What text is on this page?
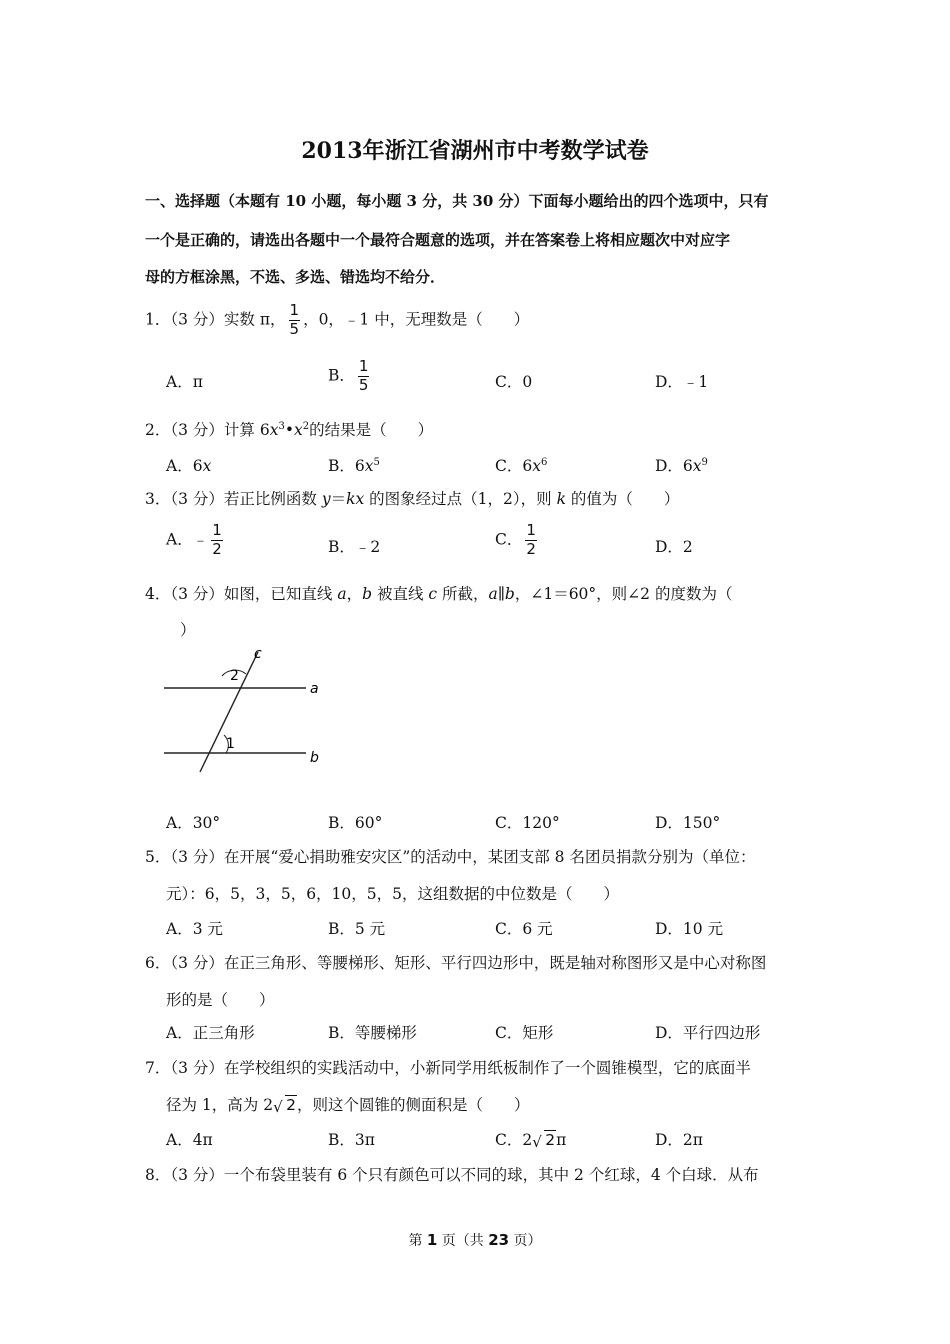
2013年浙江省湖州市中考数学试卷
一、选择题（本题有 10 小题，每小题 3 分，共 30 分）下面每小题给出的四个选项中，只有
一个是正确的，请选出各题中一个最符合题意的选项，并在答案卷上将相应题次中对应字
母的方框涂黑，不选、多选、错选均不给分．
1．（3 分）实数 π， $\frac{1}{5}$ ，0，﹣1 中，无理数是（　　）
A．π	B． $\frac{1}{5}$	C．0	D．﹣1
2．（3 分）计算 $6x^3•x^2$的结果是（　　）
A．6x	B．$6x^5$	C．$6x^6$	D．$6x^9$
3．（3 分）若正比例函数 y＝kx 的图象经过点（1，2），则 k 的值为（　　）
A．﹣ $\frac{1}{2}$	B．﹣2	C． $\frac{1}{2}$	D．2
4．（3 分）如图，已知直线 a，b 被直线 c 所截，a∥b，∠1＝60°，则∠2 的度数为（
）
c
a
b
1
2
A．30°	B．60°	C．120°	D．150°
5．（3 分）在开展“爱心捐助雅安灾区”的活动中，某团支部 8 名团员捐款分别为（单位：
元）：6，5，3，5，6，10，5，5，这组数据的中位数是（　　）
A．3 元	B．5 元	C．6 元	D．10 元
6．（3 分）在正三角形、等腰梯形、矩形、平行四边形中，既是轴对称图形又是中心对称图
形的是（　　）
A．正三角形	B．等腰梯形	C．矩形	D．平行四边形
7．（3 分）在学校组织的实践活动中，小新同学用纸板制作了一个圆锥模型，它的底面半
径为 1，高为 2 √ 2，则这个圆锥的侧面积是（　　）
A．4π	B．3π	C．2 √ 2π	D．2π
8．（3 分）一个布袋里装有 6 个只有颜色可以不同的球，其中 2 个红球，4 个白球．从布
第 1 页（共 23 页）
